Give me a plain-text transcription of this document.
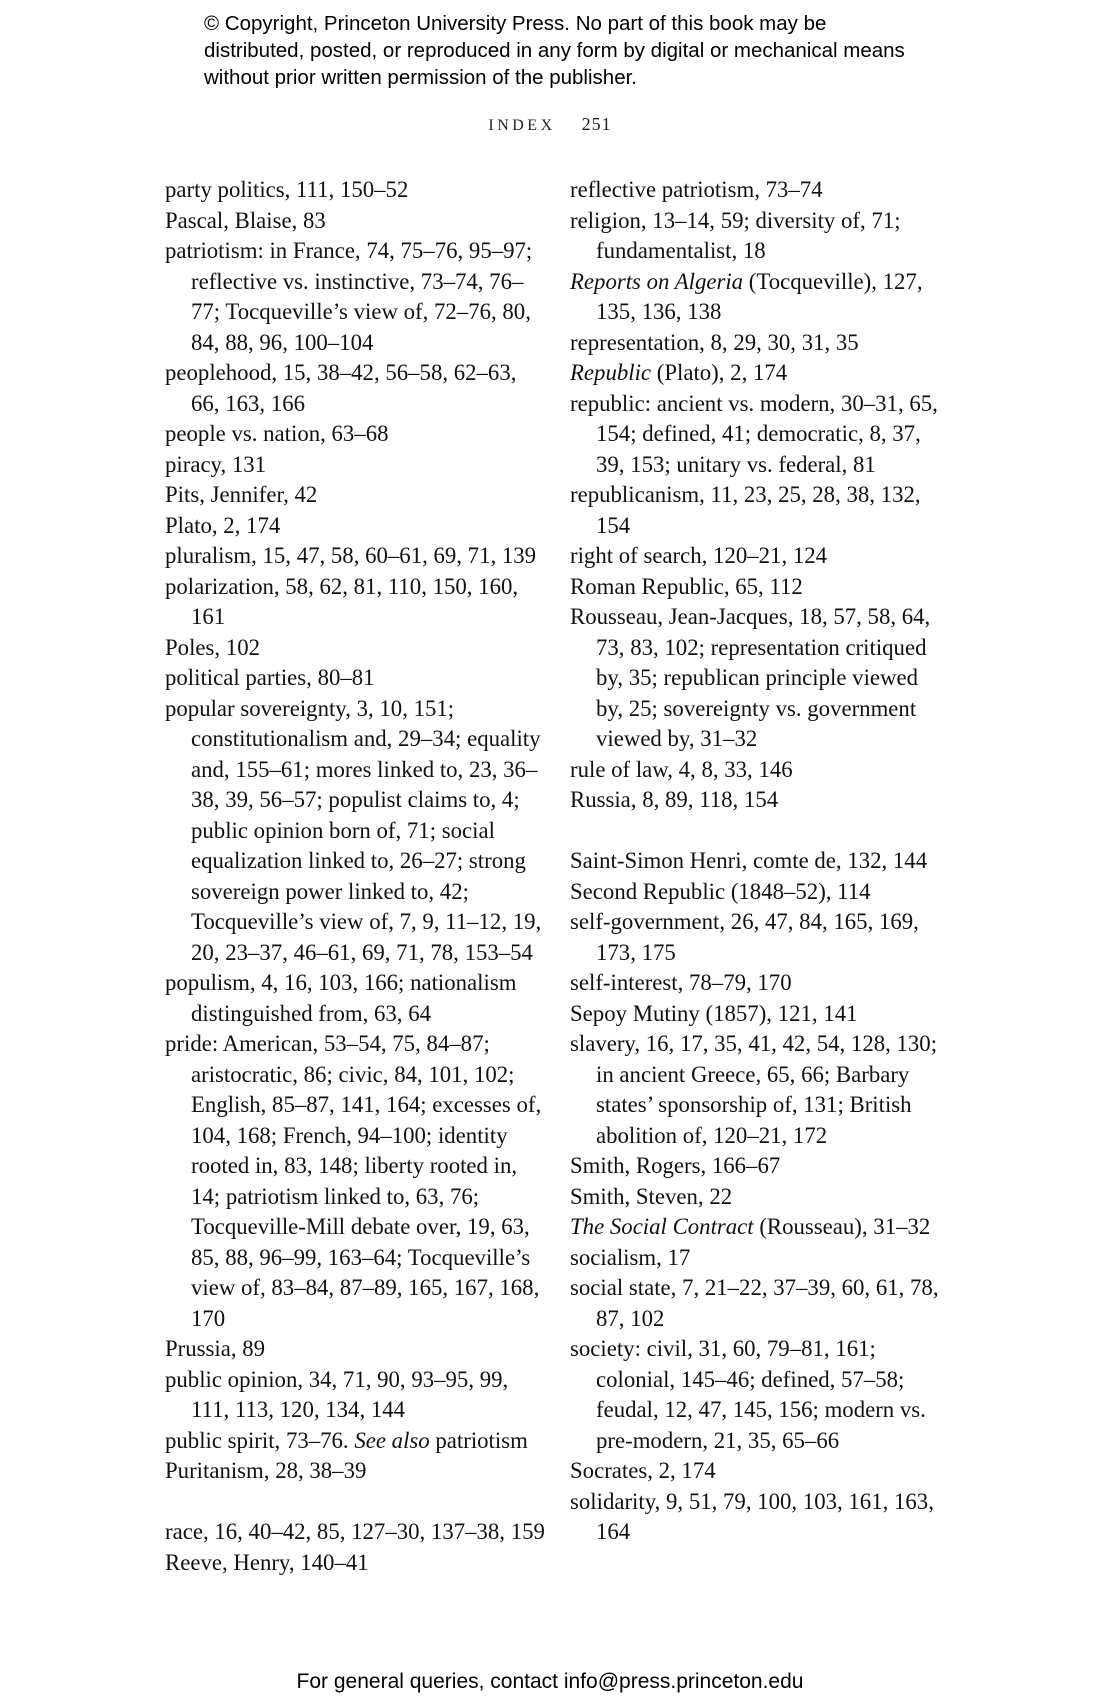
© Copyright, Princeton University Press. No part of this book may be distributed, posted, or reproduced in any form by digital or mechanical means without prior written permission of the publisher.
INDEX 251
party politics, 111, 150–52
Pascal, Blaise, 83
patriotism: in France, 74, 75–76, 95–97; reflective vs. instinctive, 73–74, 76–77; Tocqueville’s view of, 72–76, 80, 84, 88, 96, 100–104
peoplehood, 15, 38–42, 56–58, 62–63, 66, 163, 166
people vs. nation, 63–68
piracy, 131
Pits, Jennifer, 42
Plato, 2, 174
pluralism, 15, 47, 58, 60–61, 69, 71, 139
polarization, 58, 62, 81, 110, 150, 160, 161
Poles, 102
political parties, 80–81
popular sovereignty, 3, 10, 151; constitutionalism and, 29–34; equality and, 155–61; mores linked to, 23, 36–38, 39, 56–57; populist claims to, 4; public opinion born of, 71; social equalization linked to, 26–27; strong sovereign power linked to, 42; Tocqueville’s view of, 7, 9, 11–12, 19, 20, 23–37, 46–61, 69, 71, 78, 153–54
populism, 4, 16, 103, 166; nationalism distinguished from, 63, 64
pride: American, 53–54, 75, 84–87; aristocratic, 86; civic, 84, 101, 102; English, 85–87, 141, 164; excesses of, 104, 168; French, 94–100; identity rooted in, 83, 148; liberty rooted in, 14; patriotism linked to, 63, 76; Tocqueville-Mill debate over, 19, 63, 85, 88, 96–99, 163–64; Tocqueville’s view of, 83–84, 87–89, 165, 167, 168, 170
Prussia, 89
public opinion, 34, 71, 90, 93–95, 99, 111, 113, 120, 134, 144
public spirit, 73–76. See also patriotism
Puritanism, 28, 38–39
race, 16, 40–42, 85, 127–30, 137–38, 159
Reeve, Henry, 140–41
reflective patriotism, 73–74
religion, 13–14, 59; diversity of, 71; fundamentalist, 18
Reports on Algeria (Tocqueville), 127, 135, 136, 138
representation, 8, 29, 30, 31, 35
Republic (Plato), 2, 174
republic: ancient vs. modern, 30–31, 65, 154; defined, 41; democratic, 8, 37, 39, 153; unitary vs. federal, 81
republicanism, 11, 23, 25, 28, 38, 132, 154
right of search, 120–21, 124
Roman Republic, 65, 112
Rousseau, Jean-Jacques, 18, 57, 58, 64, 73, 83, 102; representation critiqued by, 35; republican principle viewed by, 25; sovereignty vs. government viewed by, 31–32
rule of law, 4, 8, 33, 146
Russia, 8, 89, 118, 154
Saint-Simon Henri, comte de, 132, 144
Second Republic (1848–52), 114
self-government, 26, 47, 84, 165, 169, 173, 175
self-interest, 78–79, 170
Sepoy Mutiny (1857), 121, 141
slavery, 16, 17, 35, 41, 42, 54, 128, 130; in ancient Greece, 65, 66; Barbary states’ sponsorship of, 131; British abolition of, 120–21, 172
Smith, Rogers, 166–67
Smith, Steven, 22
The Social Contract (Rousseau), 31–32
socialism, 17
social state, 7, 21–22, 37–39, 60, 61, 78, 87, 102
society: civil, 31, 60, 79–81, 161; colonial, 145–46; defined, 57–58; feudal, 12, 47, 145, 156; modern vs. pre-modern, 21, 35, 65–66
Socrates, 2, 174
solidarity, 9, 51, 79, 100, 103, 161, 163, 164
For general queries, contact info@press.princeton.edu
